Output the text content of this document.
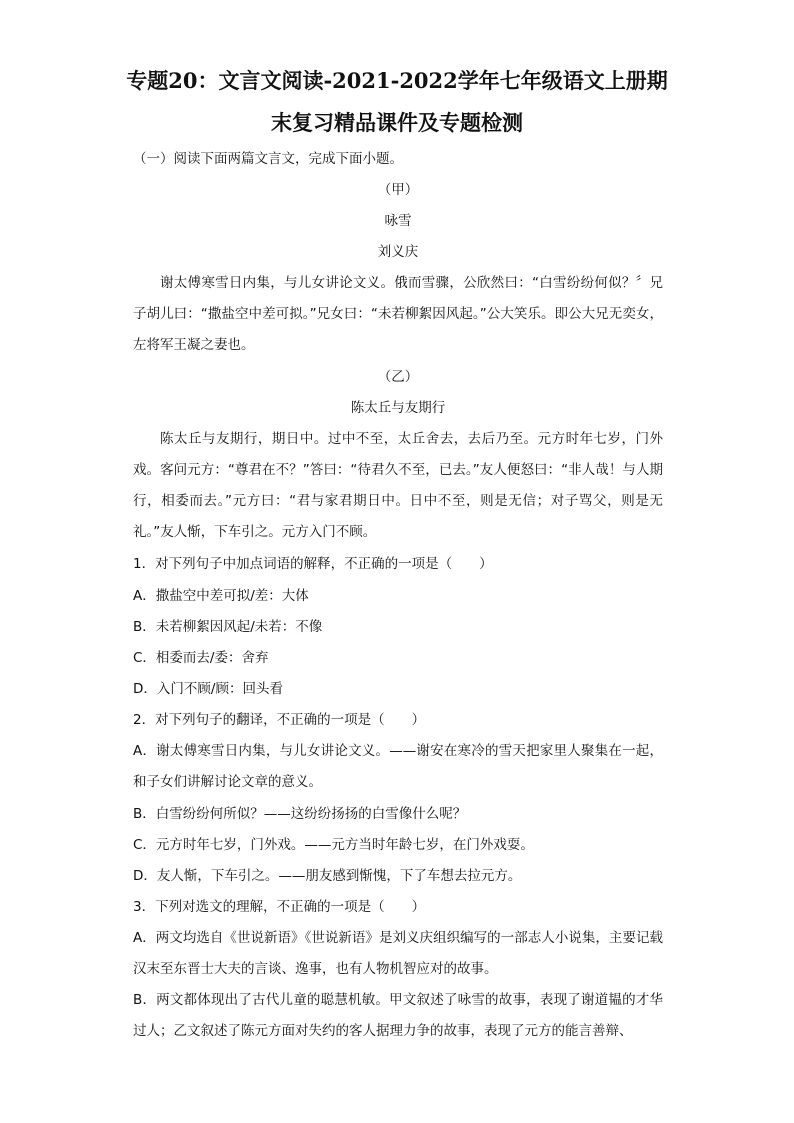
专题20：文言文阅读-2021-2022学年七年级语文上册期
末复习精品课件及专题检测
（一）阅读下面两篇文言文，完成下面小题。
（甲）
咏雪
刘义庆
谢太傅寒雪日内集，与儿女讲论文义。俄而雪骤，公欣然曰：“白雪纷纷何似？〞兄子胡儿曰：“撒盐空中差可拟。”兄女曰：“未若柳絮因风起。”公大笑乐。即公大兄无奕女，左将军王凝之妻也。
（乙）
陈太丘与友期行
陈太丘与友期行，期日中。过中不至，太丘舍去，去后乃至。元方时年七岁，门外戏。客问元方：“尊君在不？”答曰：“待君久不至，已去。”友人便怒曰：“非人哉！与人期行，相委而去。”元方曰：“君与家君期日中。日中不至，则是无信；对子骂父，则是无礼。”友人惭，下车引之。元方入门不顾。
1．对下列句子中加点词语的解释，不正确的一项是（　　）
A．撒盐空中差可拟/差：大体
B．未若柳絮因风起/未若：不像
C．相委而去/委：舍弃
D．入门不顾/顾：回头看
2．对下列句子的翻译，不正确的一项是（　　）
A．谢太傅寒雪日内集，与儿女讲论文义。——谢安在寒冷的雪天把家里人聚集在一起，和子女们讲解讨论文章的意义。
B．白雪纷纷何所似？——这纷纷扬扬的白雪像什么呢？
C．元方时年七岁，门外戏。——元方当时年龄七岁，在门外戏耍。
D．友人惭，下车引之。——朋友感到惭愧，下了车想去拉元方。
3．下列对选文的理解，不正确的一项是（　　）
A．两文均选自《世说新语》《世说新语》是刘义庆组织编写的一部志人小说集，主要记载汉末至东晋士大夫的言谈、逸事，也有人物机智应对的故事。
B．两文都体现出了古代儿童的聪慧机敏。甲文叙述了咏雪的故事，表现了谢道韫的才华过人；乙文叙述了陈元方面对失约的客人据理力争的故事，表现了元方的能言善辩、
